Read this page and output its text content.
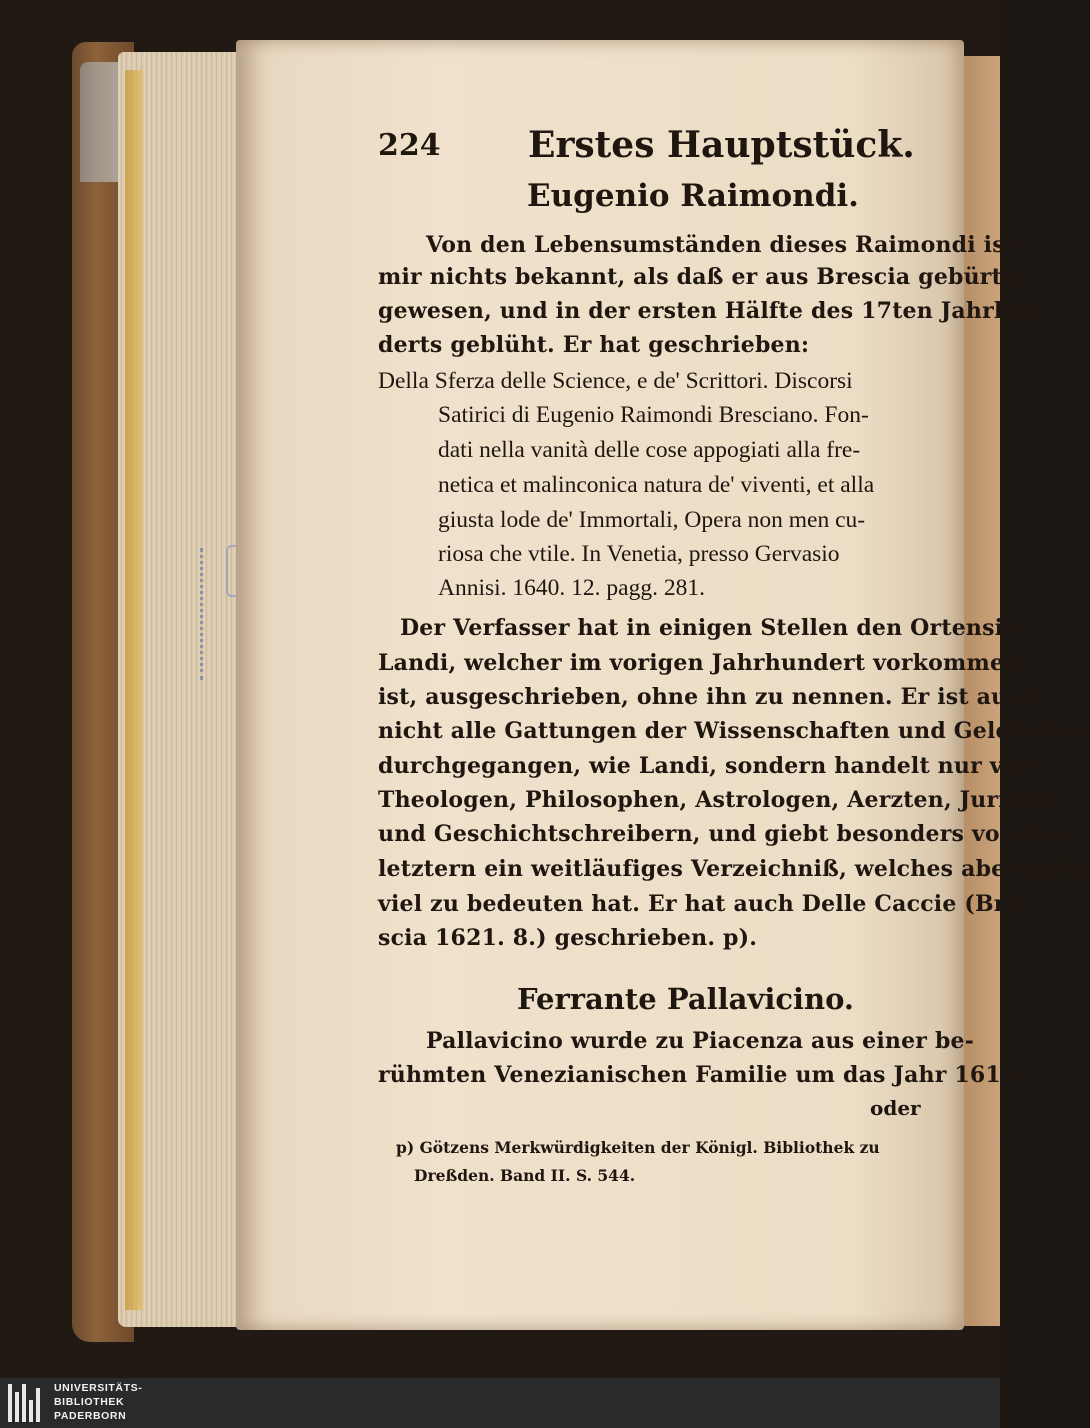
224 Erstes Hauptstück.
Eugenio Raimondi.
Von den Lebensumständen dieses Raimondi ist
mir nichts bekannt, als daß er aus Brescia gebürtig
gewesen, und in der ersten Hälfte des 17ten Jahrhun-
derts geblüht. Er hat geschrieben:
Della Sferza delle Science, e de' Scrittori. Discorsi
Satirici di Eugenio Raimondi Bresciano. Fon-
dati nella vanità delle cose appogiati alla fre-
netica et malinconica natura de' viventi, et alla
giusta lode de' Immortali, Opera non men cu-
riosa che vtile. In Venetia, presso Gervasio
Annisi. 1640. 12. pagg. 281.
Der Verfasser hat in einigen Stellen den Ortensio
Landi, welcher im vorigen Jahrhundert vorkommen
ist, ausgeschrieben, ohne ihn zu nennen. Er ist auch
nicht alle Gattungen der Wissenschaften und Gelehrten
durchgegangen, wie Landi, sondern handelt nur von
Theologen, Philosophen, Astrologen, Aerzten, Juristen
und Geschichtschreibern, und giebt besonders von den
letztern ein weitläufiges Verzeichniß, welches aber nicht
viel zu bedeuten hat. Er hat auch Delle Caccie (Bre-
scia 1621. 8.) geschrieben. p).
Ferrante Pallavicino.
Pallavicino wurde zu Piacenza aus einer be-
rühmten Venezianischen Familie um das Jahr 1615.
oder
p) Götzens Merkwürdigkeiten der Königl. Bibliothek zu
Dreßden. Band II. S. 544.
UNIVERSITÄTS-
BIBLIOTHEK
PADERBORN
